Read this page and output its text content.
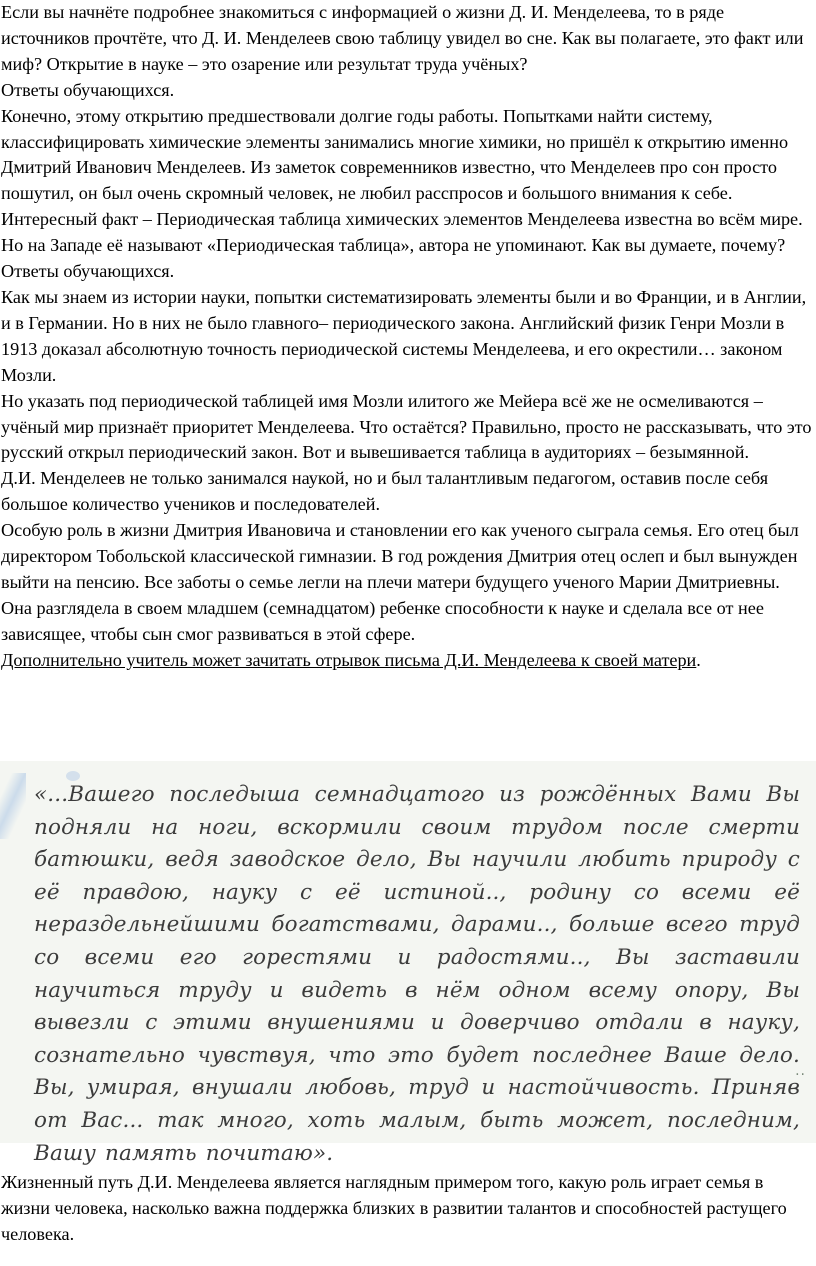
Если вы начнёте подробнее знакомиться с информацией о жизни Д. И. Менделеева, то в ряде источников прочтёте, что Д. И. Менделеев свою таблицу увидел во сне. Как вы полагаете, это факт или миф? Открытие в науке – это озарение или результат труда учёных?

Ответы обучающихся.

Конечно, этому открытию предшествовали долгие годы работы. Попытками найти систему, классифицировать химические элементы занимались многие химики, но пришёл к открытию именно Дмитрий Иванович Менделеев. Из заметок современников известно, что Менделеев про сон просто пошутил, он был очень скромный человек, не любил расспросов и большого внимания к себе.

Интересный факт – Периодическая таблица химических элементов Менделеева известна во всём мире. Но на Западе её называют «Периодическая таблица», автора не упоминают. Как вы думаете, почему?

Ответы обучающихся.

Как мы знаем из истории науки, попытки систематизировать элементы были и во Франции, и в Англии, и в Германии. Но в них не было главного– периодического закона. Английский физик Генри Мозли в 1913 доказал абсолютную точность периодической системы Менделеева, и его окрестили… законом Мозли.

Но указать под периодической таблицей имя Мозли илитого же Мейера всё же не осмеливаются – учёный мир признаёт приоритет Менделеева. Что остаётся? Правильно, просто не рассказывать, что это русский открыл периодический закон. Вот и вывешивается таблица в аудиториях – безымянной.

Д.И. Менделеев не только занимался наукой, но и был талантливым педагогом, оставив после себя большое количество учеников и последователей.

Особую роль в жизни Дмитрия Ивановича и становлении его как ученого сыграла семья. Его отец был директором Тобольской классической гимназии. В год рождения Дмитрия отец ослеп и был вынужден выйти на пенсию. Все заботы о семье легли на плечи матери будущего ученого Марии Дмитриевны. Она разглядела в своем младшем (семнадцатом) ребенке способности к науке и сделала все от нее зависящее, чтобы сын смог развиваться в этой сфере.

Дополнительно учитель может зачитать отрывок письма Д.И. Менделеева к своей матери.

«...Вашего последыша семнадцатого из рождённых Вами Вы подняли на ноги, вскормили своим трудом после смерти батюшки, ведя заводское дело, Вы научили любить природу с её правдою, науку с её истиной.., родину со всеми её нераздельнейшими богатствами, дарами.., больше всего труд со всеми его горестями и радостями.., Вы заставили научиться труду и видеть в нём одном всему опору, Вы вывезли с этими внушениями и доверчиво отдали в науку, сознательно чувствуя, что это будет последнее Ваше дело. Вы, умирая, внушали любовь, труд и настойчивость. Приняв от Вас... так много, хоть малым, быть может, последним, Вашу память почитаю».
..

Жизненный путь Д.И. Менделеева является наглядным примером того, какую роль играет семья в жизни человека, насколько важна поддержка близких в развитии талантов и способностей растущего человека.
